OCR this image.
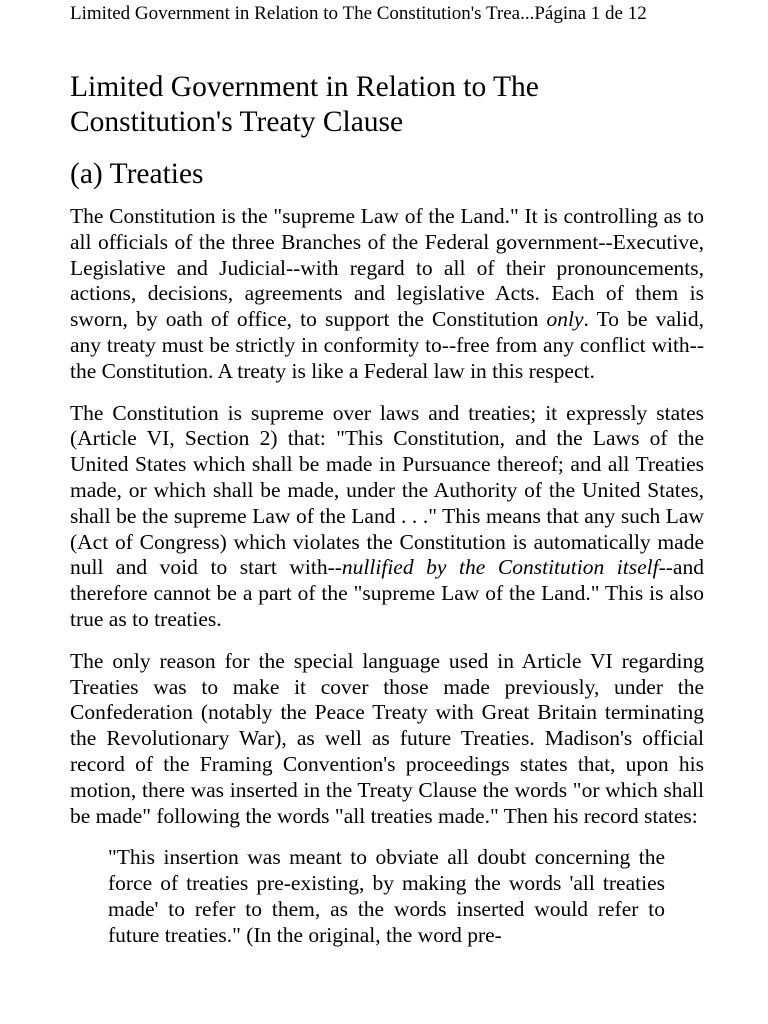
Limited Government in Relation to The Constitution's Trea...Página 1 de 12
Limited Government in Relation to The Constitution's Treaty Clause
(a) Treaties

The Constitution is the "supreme Law of the Land." It is controlling as to all officials of the three Branches of the Federal government--Executive, Legislative and Judicial--with regard to all of their pronouncements, actions, decisions, agreements and legislative Acts. Each of them is sworn, by oath of office, to support the Constitution only. To be valid, any treaty must be strictly in conformity to--free from any conflict with--the Constitution. A treaty is like a Federal law in this respect.

The Constitution is supreme over laws and treaties; it expressly states (Article VI, Section 2) that: "This Constitution, and the Laws of the United States which shall be made in Pursuance thereof; and all Treaties made, or which shall be made, under the Authority of the United States, shall be the supreme Law of the Land . . ." This means that any such Law (Act of Congress) which violates the Constitution is automatically made null and void to start with--nullified by the Constitution itself--and therefore cannot be a part of the "supreme Law of the Land." This is also true as to treaties.

The only reason for the special language used in Article VI regarding Treaties was to make it cover those made previously, under the Confederation (notably the Peace Treaty with Great Britain terminating the Revolutionary War), as well as future Treaties. Madison's official record of the Framing Convention's proceedings states that, upon his motion, there was inserted in the Treaty Clause the words "or which shall be made" following the words "all treaties made." Then his record states:

"This insertion was meant to obviate all doubt concerning the force of treaties pre-existing, by making the words 'all treaties made' to refer to them, as the words inserted would refer to future treaties." (In the original, the word pre-
